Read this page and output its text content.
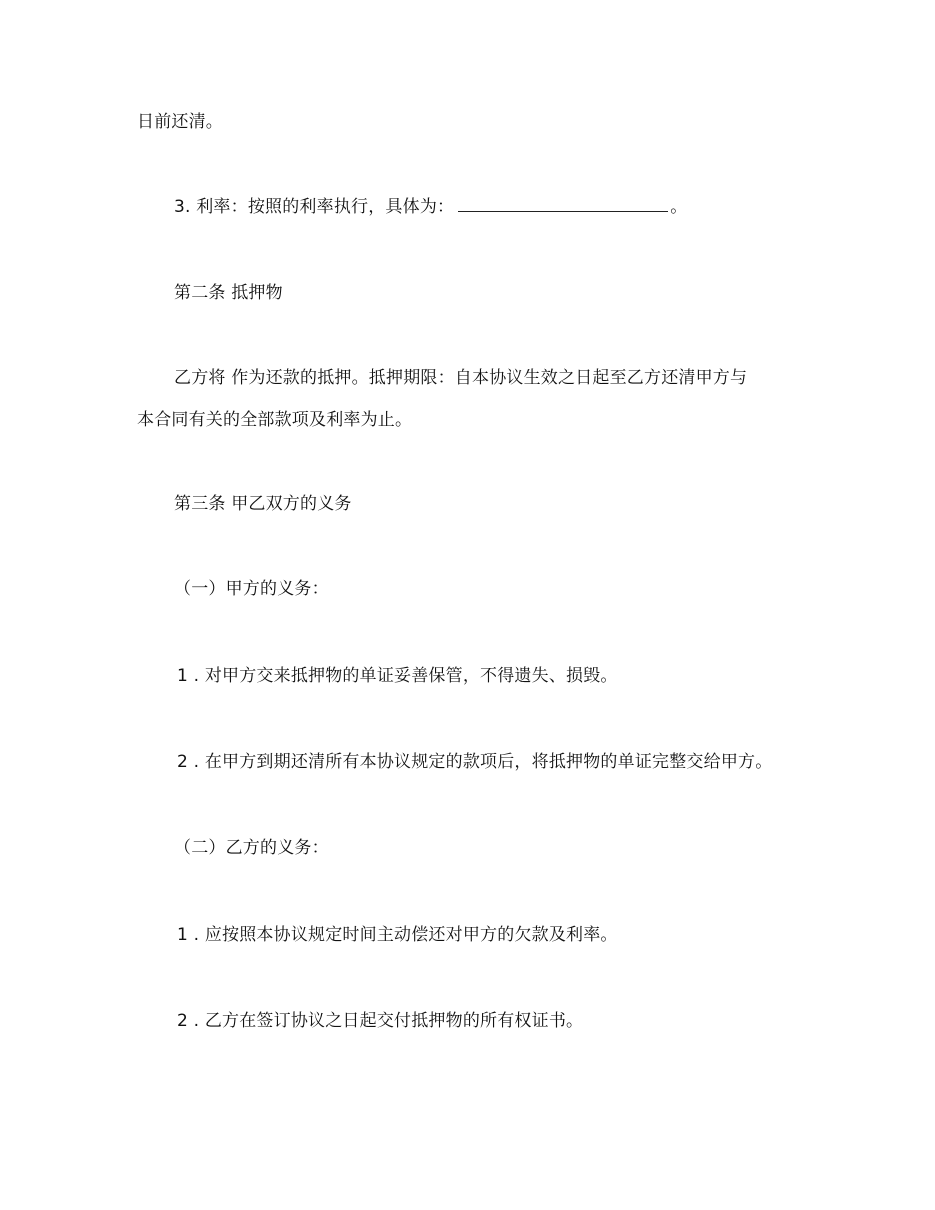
日前还清。
3. 利率：按照的利率执行，具体为：	。
第二条 抵押物
乙方将 作为还款的抵押。抵押期限：自本协议生效之日起至乙方还清甲方与
本合同有关的全部款项及利率为止。
第三条 甲乙双方的义务
（一）甲方的义务：
1 . 对甲方交来抵押物的单证妥善保管，不得遗失、损毁。
2 . 在甲方到期还清所有本协议规定的款项后，将抵押物的单证完整交给甲方。
（二）乙方的义务：
1 . 应按照本协议规定时间主动偿还对甲方的欠款及利率。
2 . 乙方在签订协议之日起交付抵押物的所有权证书。
